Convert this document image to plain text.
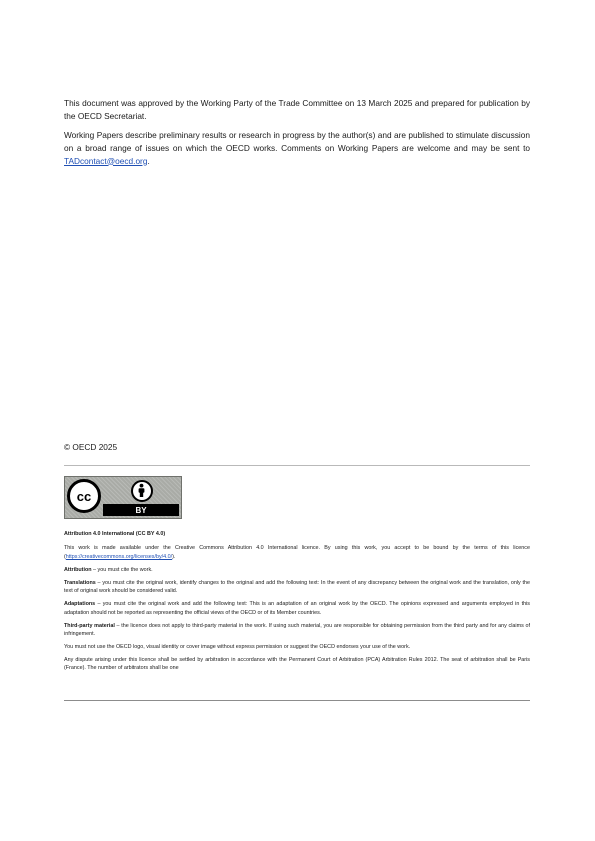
This document was approved by the Working Party of the Trade Committee on 13 March 2025 and prepared for publication by the OECD Secretariat.

Working Papers describe preliminary results or research in progress by the author(s) and are published to stimulate discussion on a broad range of issues on which the OECD works. Comments on Working Papers are welcome and may be sent to TADcontact@oecd.org.

© OECD 2025
cc
BY

Attribution 4.0 International (CC BY 4.0)

This work is made available under the Creative Commons Attribution 4.0 International licence. By using this work, you accept to be bound by the terms of this licence (https://creativecommons.org/licenses/by/4.0/).

Attribution – you must cite the work.

Translations – you must cite the original work, identify changes to the original and add the following text: In the event of any discrepancy between the original work and the translation, only the text of original work should be considered valid.

Adaptations – you must cite the original work and add the following text: This is an adaptation of an original work by the OECD. The opinions expressed and arguments employed in this adaptation should not be reported as representing the official views of the OECD or of its Member countries.

Third-party material – the licence does not apply to third-party material in the work. If using such material, you are responsible for obtaining permission from the third party and for any claims of infringement.

You must not use the OECD logo, visual identity or cover image without express permission or suggest the OECD endorses your use of the work.

Any dispute arising under this licence shall be settled by arbitration in accordance with the Permanent Court of Arbitration (PCA) Arbitration Rules 2012. The seat of arbitration shall be Paris (France). The number of arbitrators shall be one
